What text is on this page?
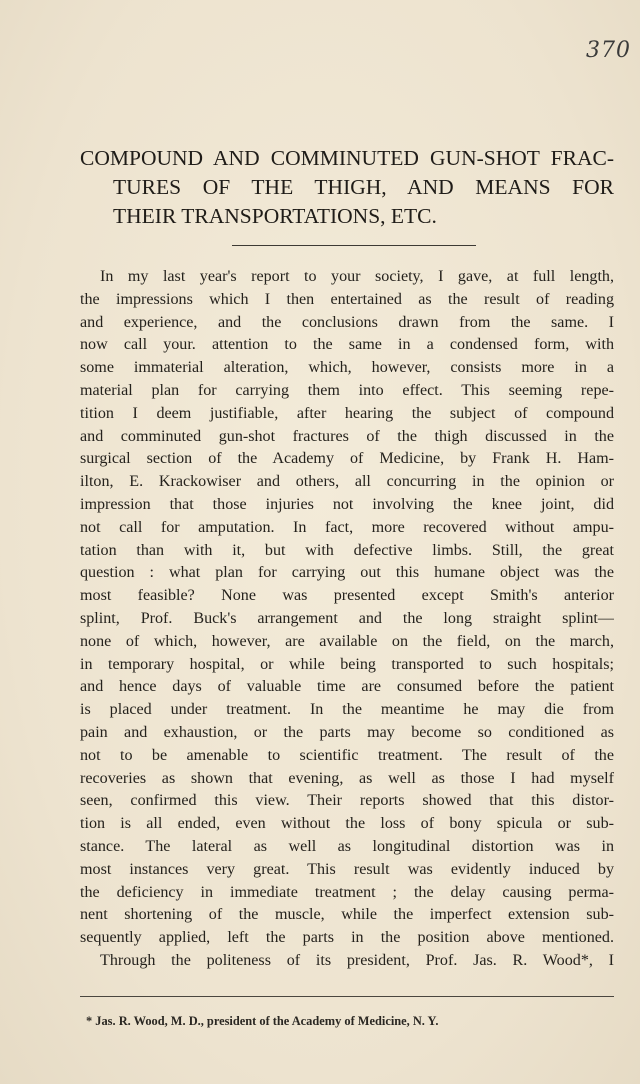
370
COMPOUND AND COMMINUTED GUN-SHOT FRAC-
TURES OF THE THIGH, AND MEANS FOR
THEIR TRANSPORTATIONS, ETC.
In my last year's report to your society, I gave, at full length,
the impressions which I then entertained as the result of reading
and experience, and the conclusions drawn from the same. I
now call your. attention to the same in a condensed form, with
some immaterial alteration, which, however, consists more in a
material plan for carrying them into effect. This seeming repe-
tition I deem justifiable, after hearing the subject of compound
and comminuted gun-shot fractures of the thigh discussed in the
surgical section of the Academy of Medicine, by Frank H. Ham-
ilton, E. Krackowiser and others, all concurring in the opinion or
impression that those injuries not involving the knee joint, did
not call for amputation. In fact, more recovered without ampu-
tation than with it, but with defective limbs. Still, the great
question : what plan for carrying out this humane object was the
most feasible? None was presented except Smith's anterior
splint, Prof. Buck's arrangement and the long straight splint—
none of which, however, are available on the field, on the march,
in temporary hospital, or while being transported to such hospitals;
and hence days of valuable time are consumed before the patient
is placed under treatment. In the meantime he may die from
pain and exhaustion, or the parts may become so conditioned as
not to be amenable to scientific treatment. The result of the
recoveries as shown that evening, as well as those I had myself
seen, confirmed this view. Their reports showed that this distor-
tion is all ended, even without the loss of bony spicula or sub-
stance. The lateral as well as longitudinal distortion was in
most instances very great. This result was evidently induced by
the deficiency in immediate treatment ; the delay causing perma-
nent shortening of the muscle, while the imperfect extension sub-
sequently applied, left the parts in the position above mentioned.
Through the politeness of its president, Prof. Jas. R. Wood*, I
* Jas. R. Wood, M. D., president of the Academy of Medicine, N. Y.
